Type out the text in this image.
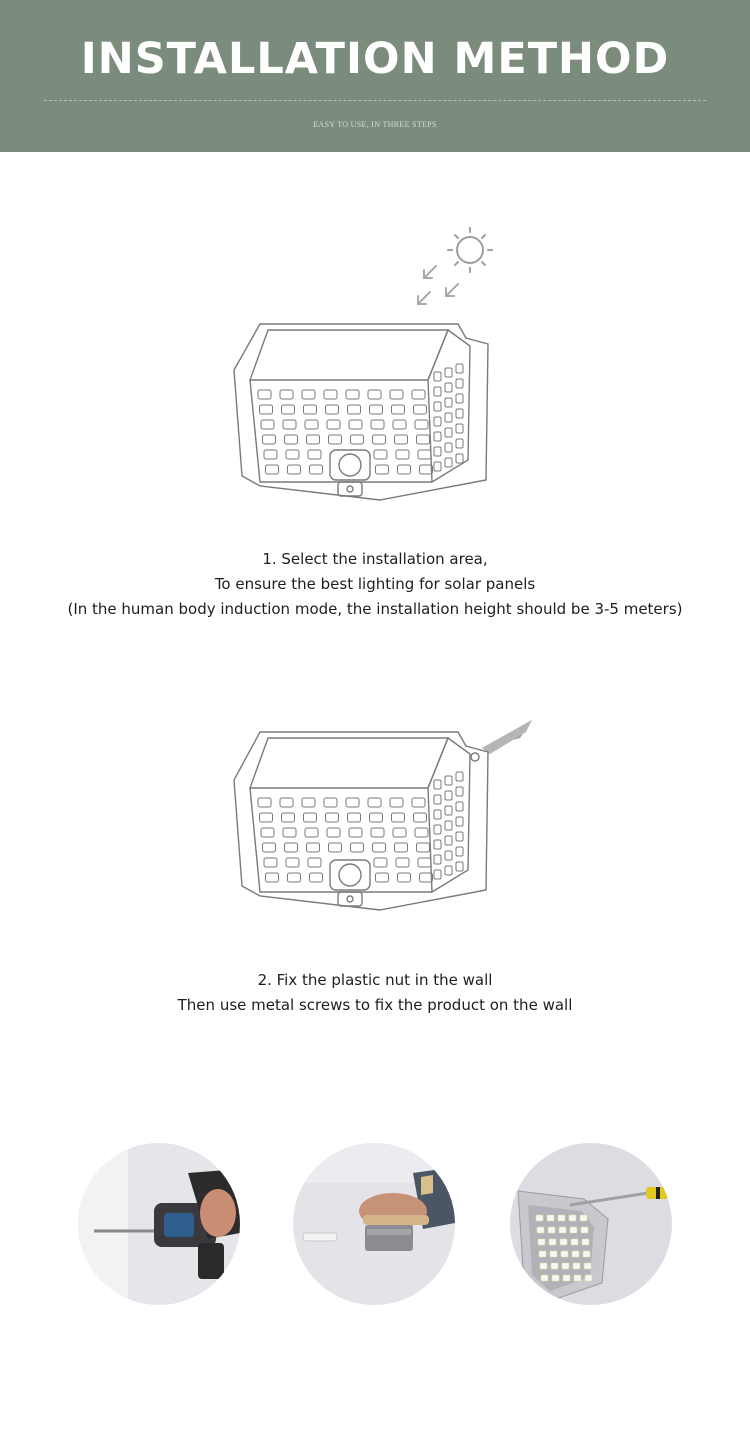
INSTALLATION METHOD
EASY TO USE, IN THREE STEPS
1. Select the installation area,
To ensure the best lighting for solar panels
(In the human body induction mode, the installation height should be 3-5 meters)
2. Fix the plastic nut in the wall
Then use metal screws to fix the product on the wall
